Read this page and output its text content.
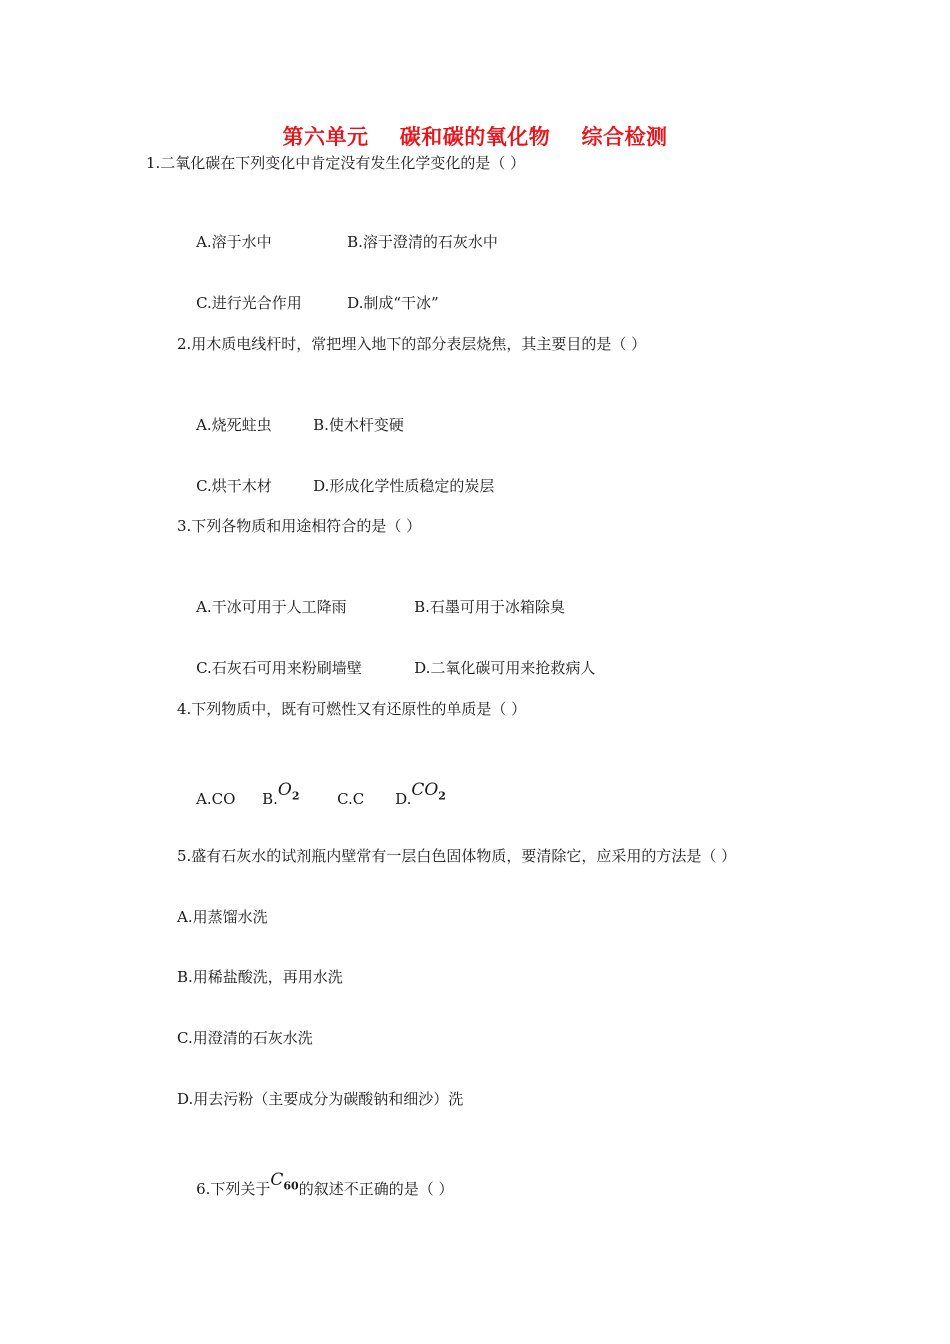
第六单元    碳和碳的氧化物    综合检测
1.二氧化碳在下列变化中肯定没有发生化学变化的是（ ）

A.溶于水中	B.溶于澄清的石灰水中

C.进行光合作用	D.制成“干冰”

2.用木质电线杆时，常把埋入地下的部分表层烧焦，其主要目的是（ ）

A.烧死蛀虫	B.使木杆变硬

C.烘干木材	D.形成化学性质稳定的炭层

3.下列各物质和用途相符合的是（ ）

A.干冰可用于人工降雨	B.石墨可用于冰箱除臭

C.石灰石可用来粉刷墙壁	D.二氧化碳可用来抢救病人

4.下列物质中，既有可燃性又有还原性的单质是（ ）

A.CO $B.O_2$	C.C $D.CO_2$

5.盛有石灰水的试剂瓶内壁常有一层白色固体物质，要清除它，应采用的方法是（ ）
A.用蒸馏水洗
B.用稀盐酸洗，再用水洗
C.用澄清的石灰水洗
D.用去污粉（主要成分为碳酸钠和细沙）洗

6.下列关于$C_{60}$的叙述不正确的是（ ）
